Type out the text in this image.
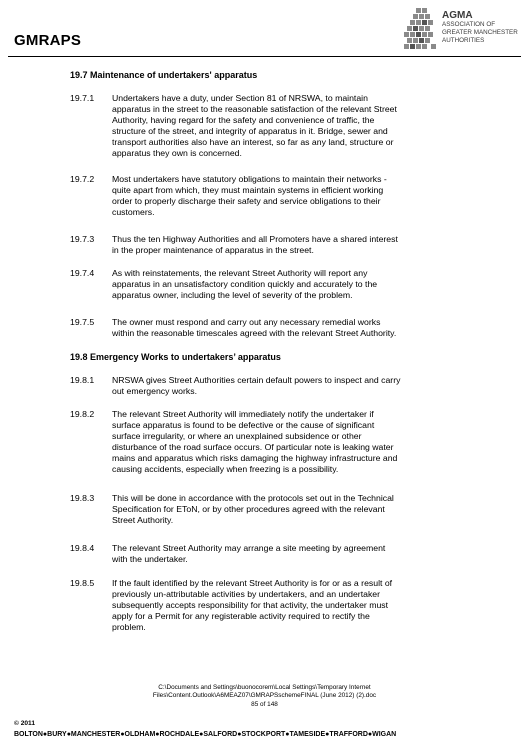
GMRAPS
AGMA
ASSOCIATION OF
GREATER MANCHESTER
AUTHORITIES
19.7 Maintenance of undertakers' apparatus
19.7.1 Undertakers have a duty, under Section 81 of NRSWA, to maintain
apparatus in the street to the reasonable satisfaction of the relevant Street
Authority, having regard for the safety and convenience of traffic, the
structure of the street, and integrity of apparatus in it. Bridge, sewer and
transport authorities also have an interest, so far as any land, structure or
apparatus they own is concerned.
19.7.2 Most undertakers have statutory obligations to maintain their networks -
quite apart from which, they must maintain systems in efficient working
order to properly discharge their safety and service obligations to their
customers.
19.7.3 Thus the ten Highway Authorities and all Promoters have a shared interest
in the proper maintenance of apparatus in the street.
19.7.4 As with reinstatements, the relevant Street Authority will report any
apparatus in an unsatisfactory condition quickly and accurately to the
apparatus owner, including the level of severity of the problem.
19.7.5 The owner must respond and carry out any necessary remedial works
within the reasonable timescales agreed with the relevant Street Authority.
19.8 Emergency Works to undertakers’ apparatus
19.8.1 NRSWA gives Street Authorities certain default powers to inspect and carry
out emergency works.
19.8.2 The relevant Street Authority will immediately notify the undertaker if
surface apparatus is found to be defective or the cause of significant
surface irregularity, or where an unexplained subsidence or other
disturbance of the road surface occurs. Of particular note is leaking water
mains and apparatus which risks damaging the highway infrastructure and
causing accidents, especially when freezing is a possibility.
19.8.3 This will be done in accordance with the protocols set out in the Technical
Specification for EToN, or by other procedures agreed with the relevant
Street Authority.
19.8.4 The relevant Street Authority may arrange a site meeting by agreement
with the undertaker.
19.8.5 If the fault identified by the relevant Street Authority is for or as a result of
previously un-attributable activities by undertakers, and an undertaker
subsequently accepts responsibility for that activity, the undertaker must
apply for a Permit for any registerable activity required to rectify the
problem.
C:\Documents and Settings\buonocorem\Local Settings\Temporary Internet
Files\Content.Outlook\A6MEAZ07\GMRAPSschemeFINAL (June 2012) (2).doc
85 of 148
© 2011
BOLTON●BURY●MANCHESTER●OLDHAM●ROCHDALE●SALFORD●STOCKPORT●TAMESIDE●TRAFFORD●WIGAN
